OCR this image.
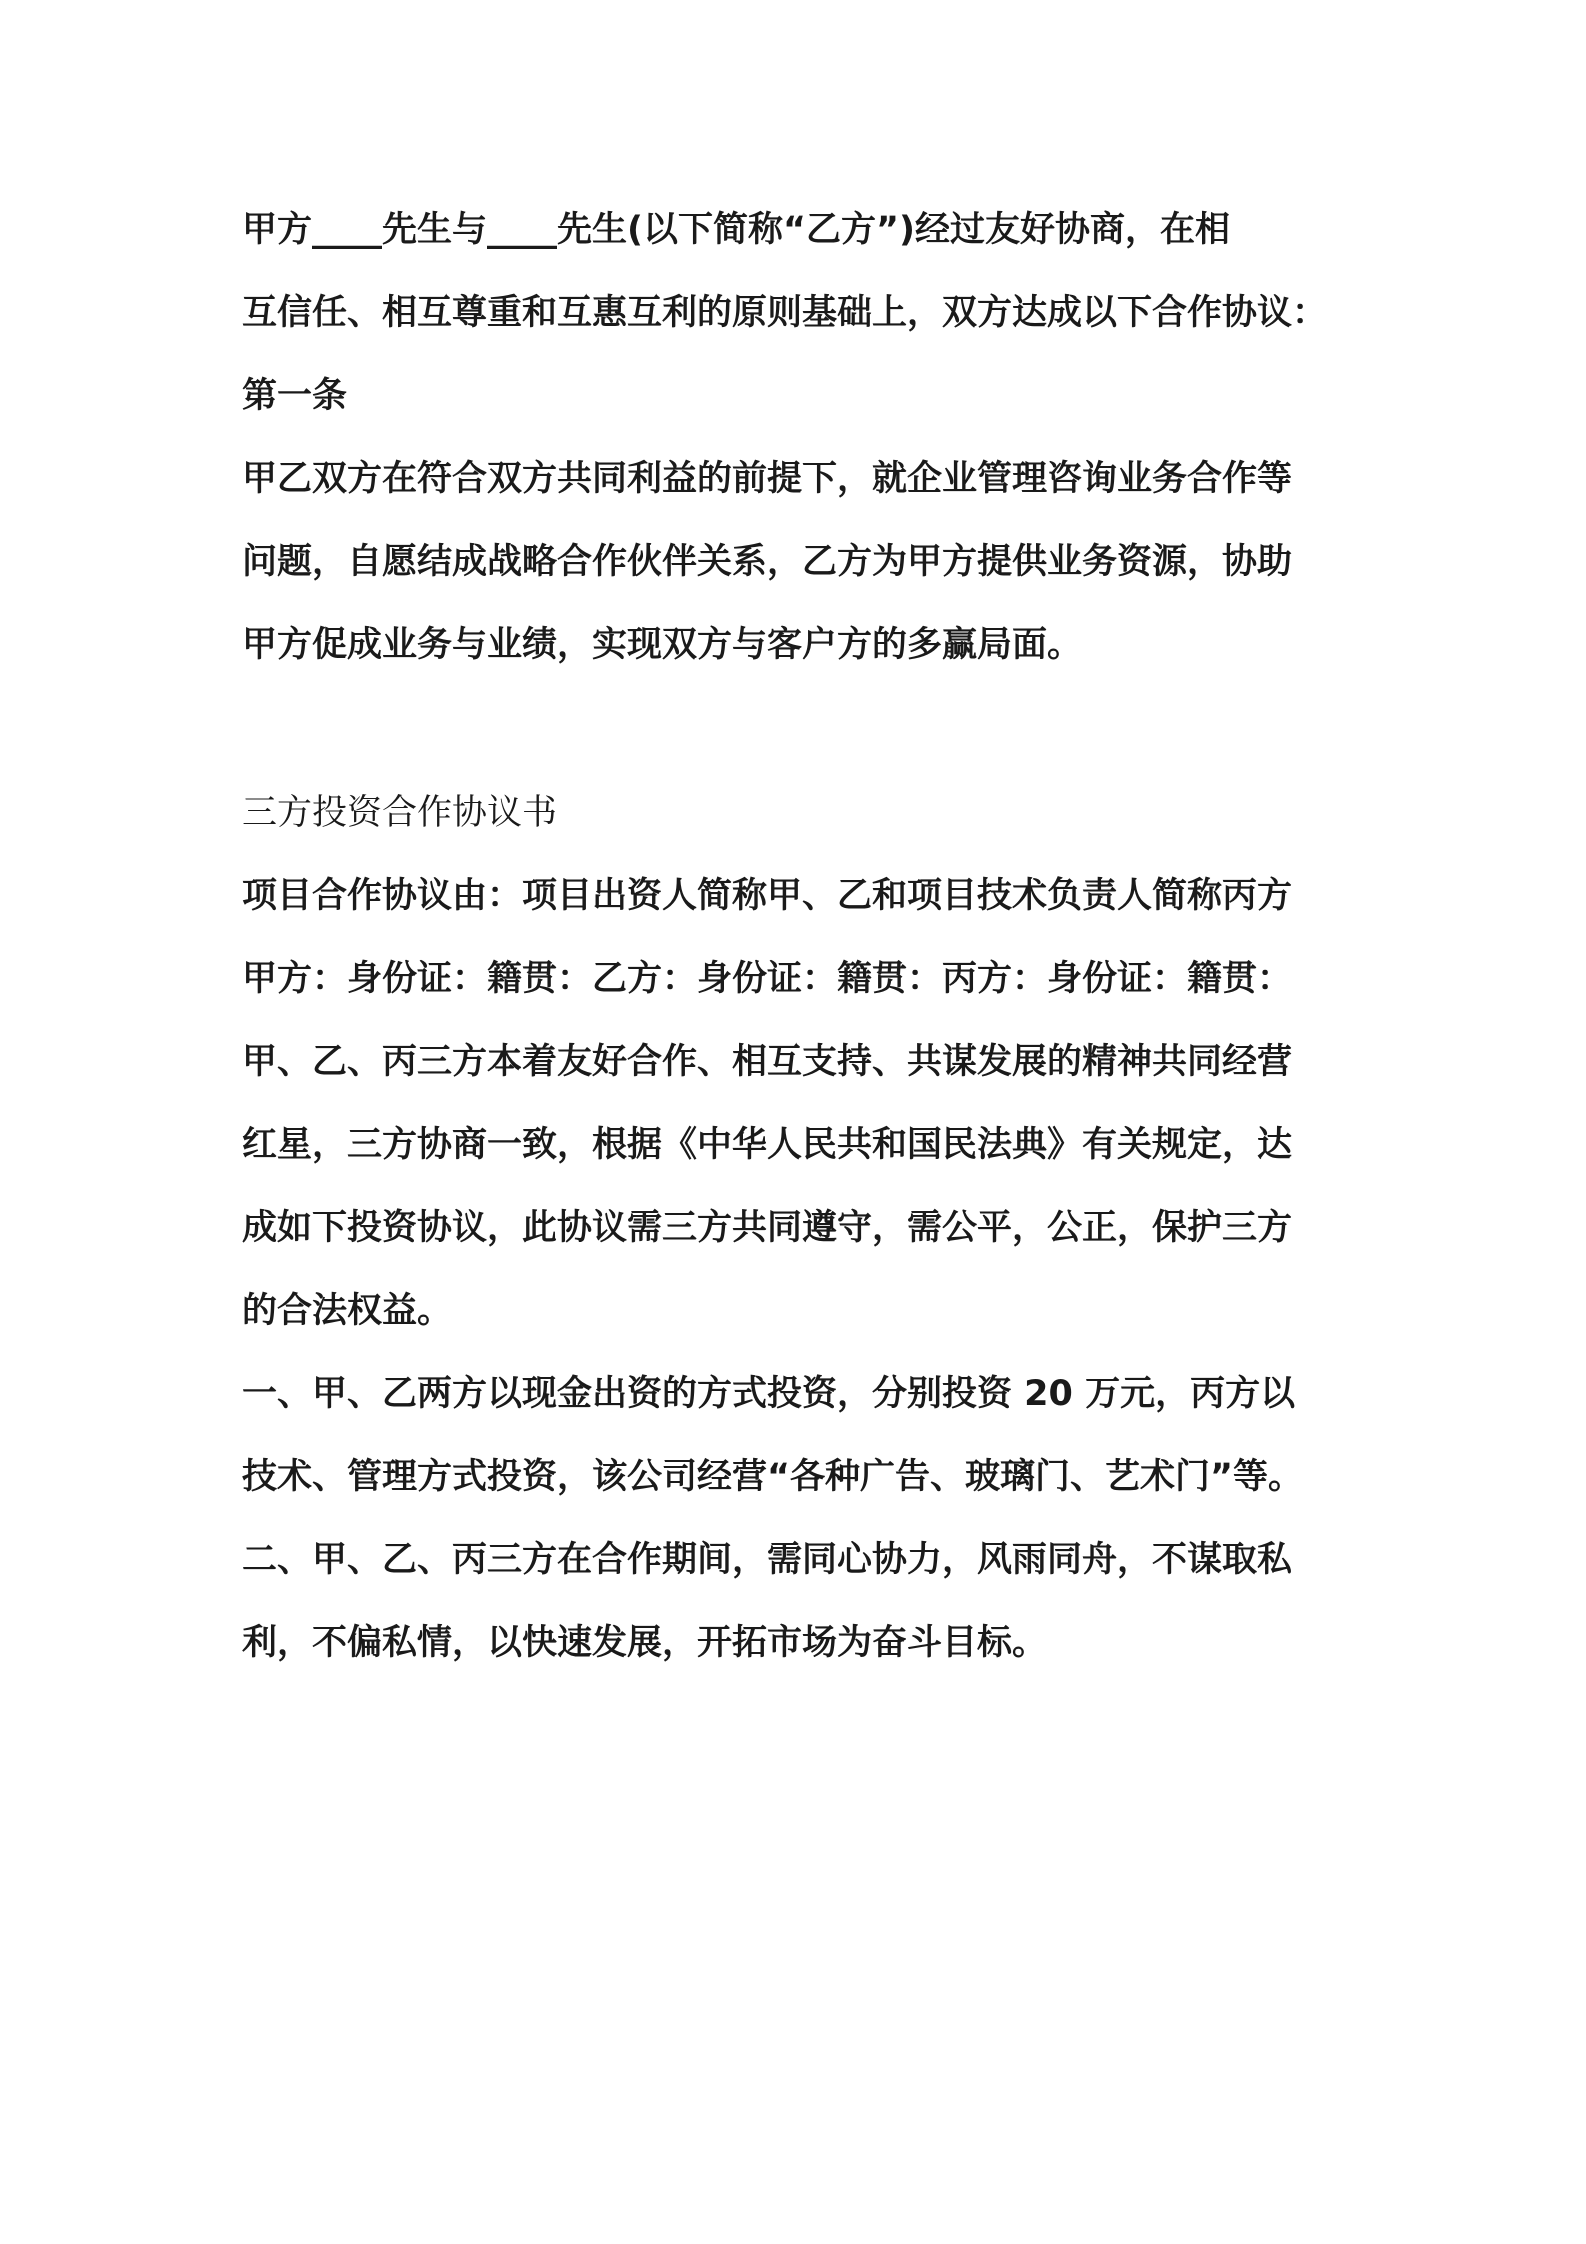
甲方____先生与____先生(以下简称“乙方”)经过友好协商，在相

互信任、相互尊重和互惠互利的原则基础上，双方达成以下合作协议：

第一条

甲乙双方在符合双方共同利益的前提下，就企业管理咨询业务合作等

问题，自愿结成战略合作伙伴关系，乙方为甲方提供业务资源，协助

甲方促成业务与业绩，实现双方与客户方的多赢局面。

三方投资合作协议书

项目合作协议由：项目出资人简称甲、乙和项目技术负责人简称丙方

甲方：身份证：籍贯：乙方：身份证：籍贯：丙方：身份证：籍贯：

甲、乙、丙三方本着友好合作、相互支持、共谋发展的精神共同经营

红星，三方协商一致，根据《中华人民共和国民法典》有关规定，达

成如下投资协议，此协议需三方共同遵守，需公平，公正，保护三方

的合法权益。

一、甲、乙两方以现金出资的方式投资，分别投资 20 万元，丙方以

技术、管理方式投资，该公司经营“各种广告、玻璃门、艺术门”等。

二、甲、乙、丙三方在合作期间，需同心协力，风雨同舟，不谋取私

利，不偏私情，以快速发展，开拓市场为奋斗目标。
